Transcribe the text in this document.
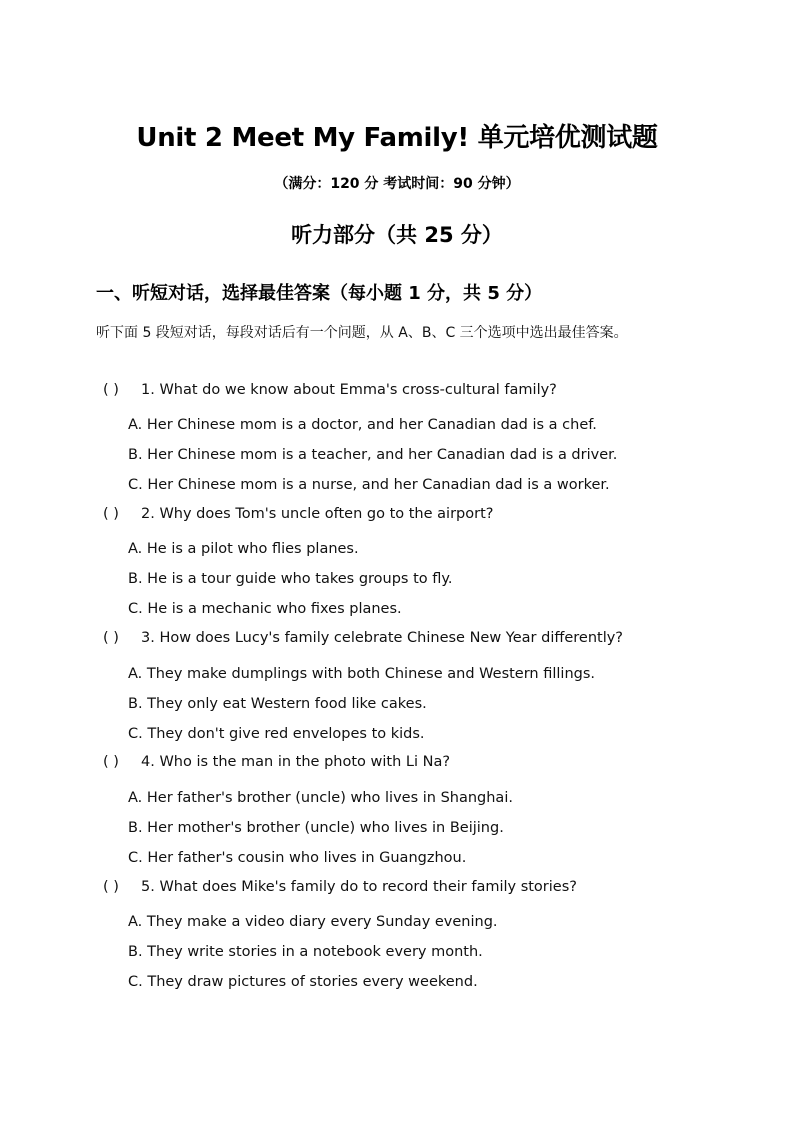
Unit 2 Meet My Family! 单元培优测试题
（满分：120 分 考试时间：90 分钟）
听力部分（共 25 分）
一、听短对话，选择最佳答案（每小题 1 分，共 5 分）
听下面 5 段短对话，每段对话后有一个问题，从 A、B、C 三个选项中选出最佳答案。
( ) 1. What do we know about Emma's cross-cultural family?
A. Her Chinese mom is a doctor, and her Canadian dad is a chef.
B. Her Chinese mom is a teacher, and her Canadian dad is a driver.
C. Her Chinese mom is a nurse, and her Canadian dad is a worker.
( ) 2. Why does Tom's uncle often go to the airport?
A. He is a pilot who flies planes.
B. He is a tour guide who takes groups to fly.
C. He is a mechanic who fixes planes.
( ) 3. How does Lucy's family celebrate Chinese New Year differently?
A. They make dumplings with both Chinese and Western fillings.
B. They only eat Western food like cakes.
C. They don't give red envelopes to kids.
( ) 4. Who is the man in the photo with Li Na?
A. Her father's brother (uncle) who lives in Shanghai.
B. Her mother's brother (uncle) who lives in Beijing.
C. Her father's cousin who lives in Guangzhou.
( ) 5. What does Mike's family do to record their family stories?
A. They make a video diary every Sunday evening.
B. They write stories in a notebook every month.
C. They draw pictures of stories every weekend.
